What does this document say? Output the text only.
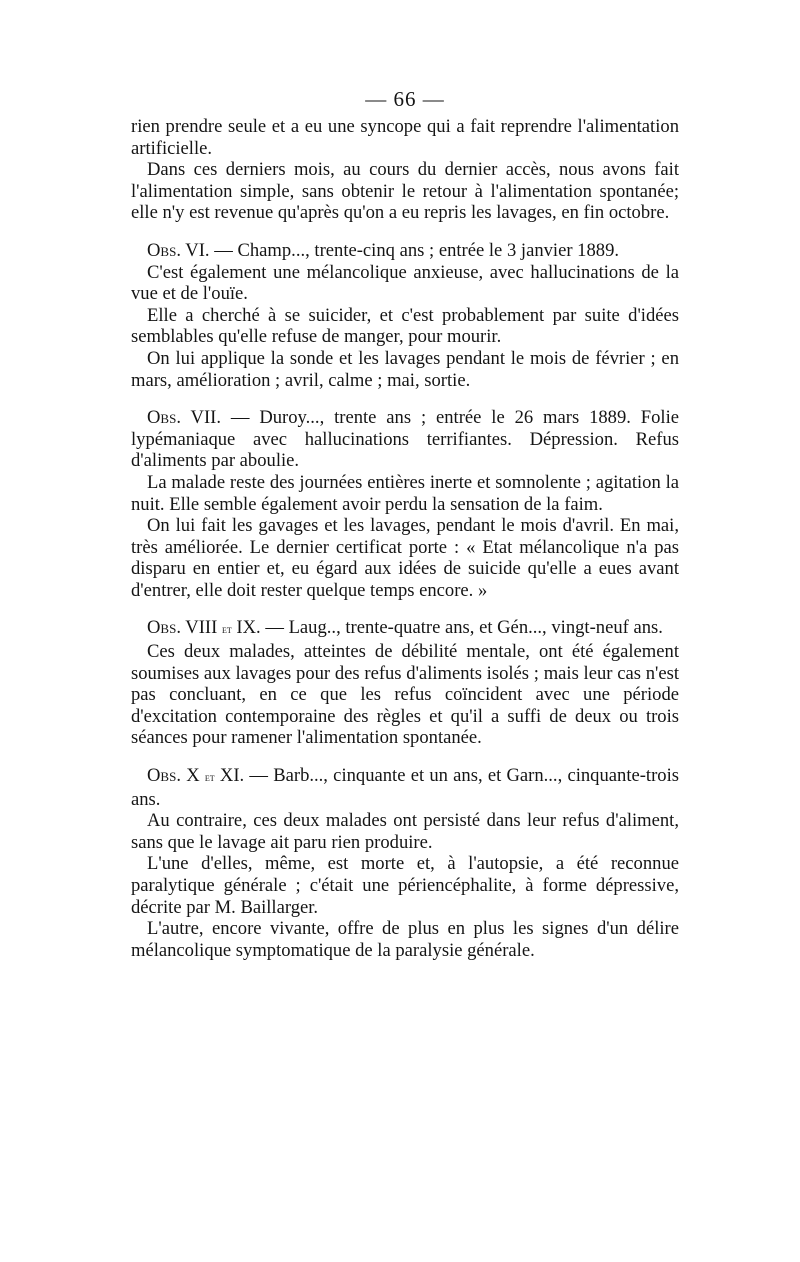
— 66 —

rien prendre seule et a eu une syncope qui a fait reprendre l'alimentation artificielle.

Dans ces derniers mois, au cours du dernier accès, nous avons fait l'alimentation simple, sans obtenir le retour à l'alimentation spontanée; elle n'y est revenue qu'après qu'on a eu repris les lavages, en fin octobre.

Obs. VI. — Champ..., trente-cinq ans ; entrée le 3 janvier 1889.

C'est également une mélancolique anxieuse, avec hallucinations de la vue et de l'ouïe.

Elle a cherché à se suicider, et c'est probablement par suite d'idées semblables qu'elle refuse de manger, pour mourir.

On lui applique la sonde et les lavages pendant le mois de février ; en mars, amélioration ; avril, calme ; mai, sortie.

Obs. VII. — Duroy..., trente ans ; entrée le 26 mars 1889. Folie lypémaniaque avec hallucinations terrifiantes. Dépression. Refus d'aliments par aboulie.

La malade reste des journées entières inerte et somnolente ; agitation la nuit. Elle semble également avoir perdu la sensation de la faim.

On lui fait les gavages et les lavages, pendant le mois d'avril. En mai, très améliorée. Le dernier certificat porte : « Etat mélancolique n'a pas disparu en entier et, eu égard aux idées de suicide qu'elle a eues avant d'entrer, elle doit rester quelque temps encore. »

Obs. VIII et IX. — Laug.., trente-quatre ans, et Gén..., vingt-neuf ans.

Ces deux malades, atteintes de débilité mentale, ont été également soumises aux lavages pour des refus d'aliments isolés ; mais leur cas n'est pas concluant, en ce que les refus coïncident avec une période d'excitation contemporaine des règles et qu'il a suffi de deux ou trois séances pour ramener l'alimentation spontanée.

Obs. X et XI. — Barb..., cinquante et un ans, et Garn..., cinquante-trois ans.

Au contraire, ces deux malades ont persisté dans leur refus d'aliment, sans que le lavage ait paru rien produire.

L'une d'elles, même, est morte et, à l'autopsie, a été reconnue paralytique générale ; c'était une périencéphalite, à forme dépressive, décrite par M. Baillarger.

L'autre, encore vivante, offre de plus en plus les signes d'un délire mélancolique symptomatique de la paralysie générale.
